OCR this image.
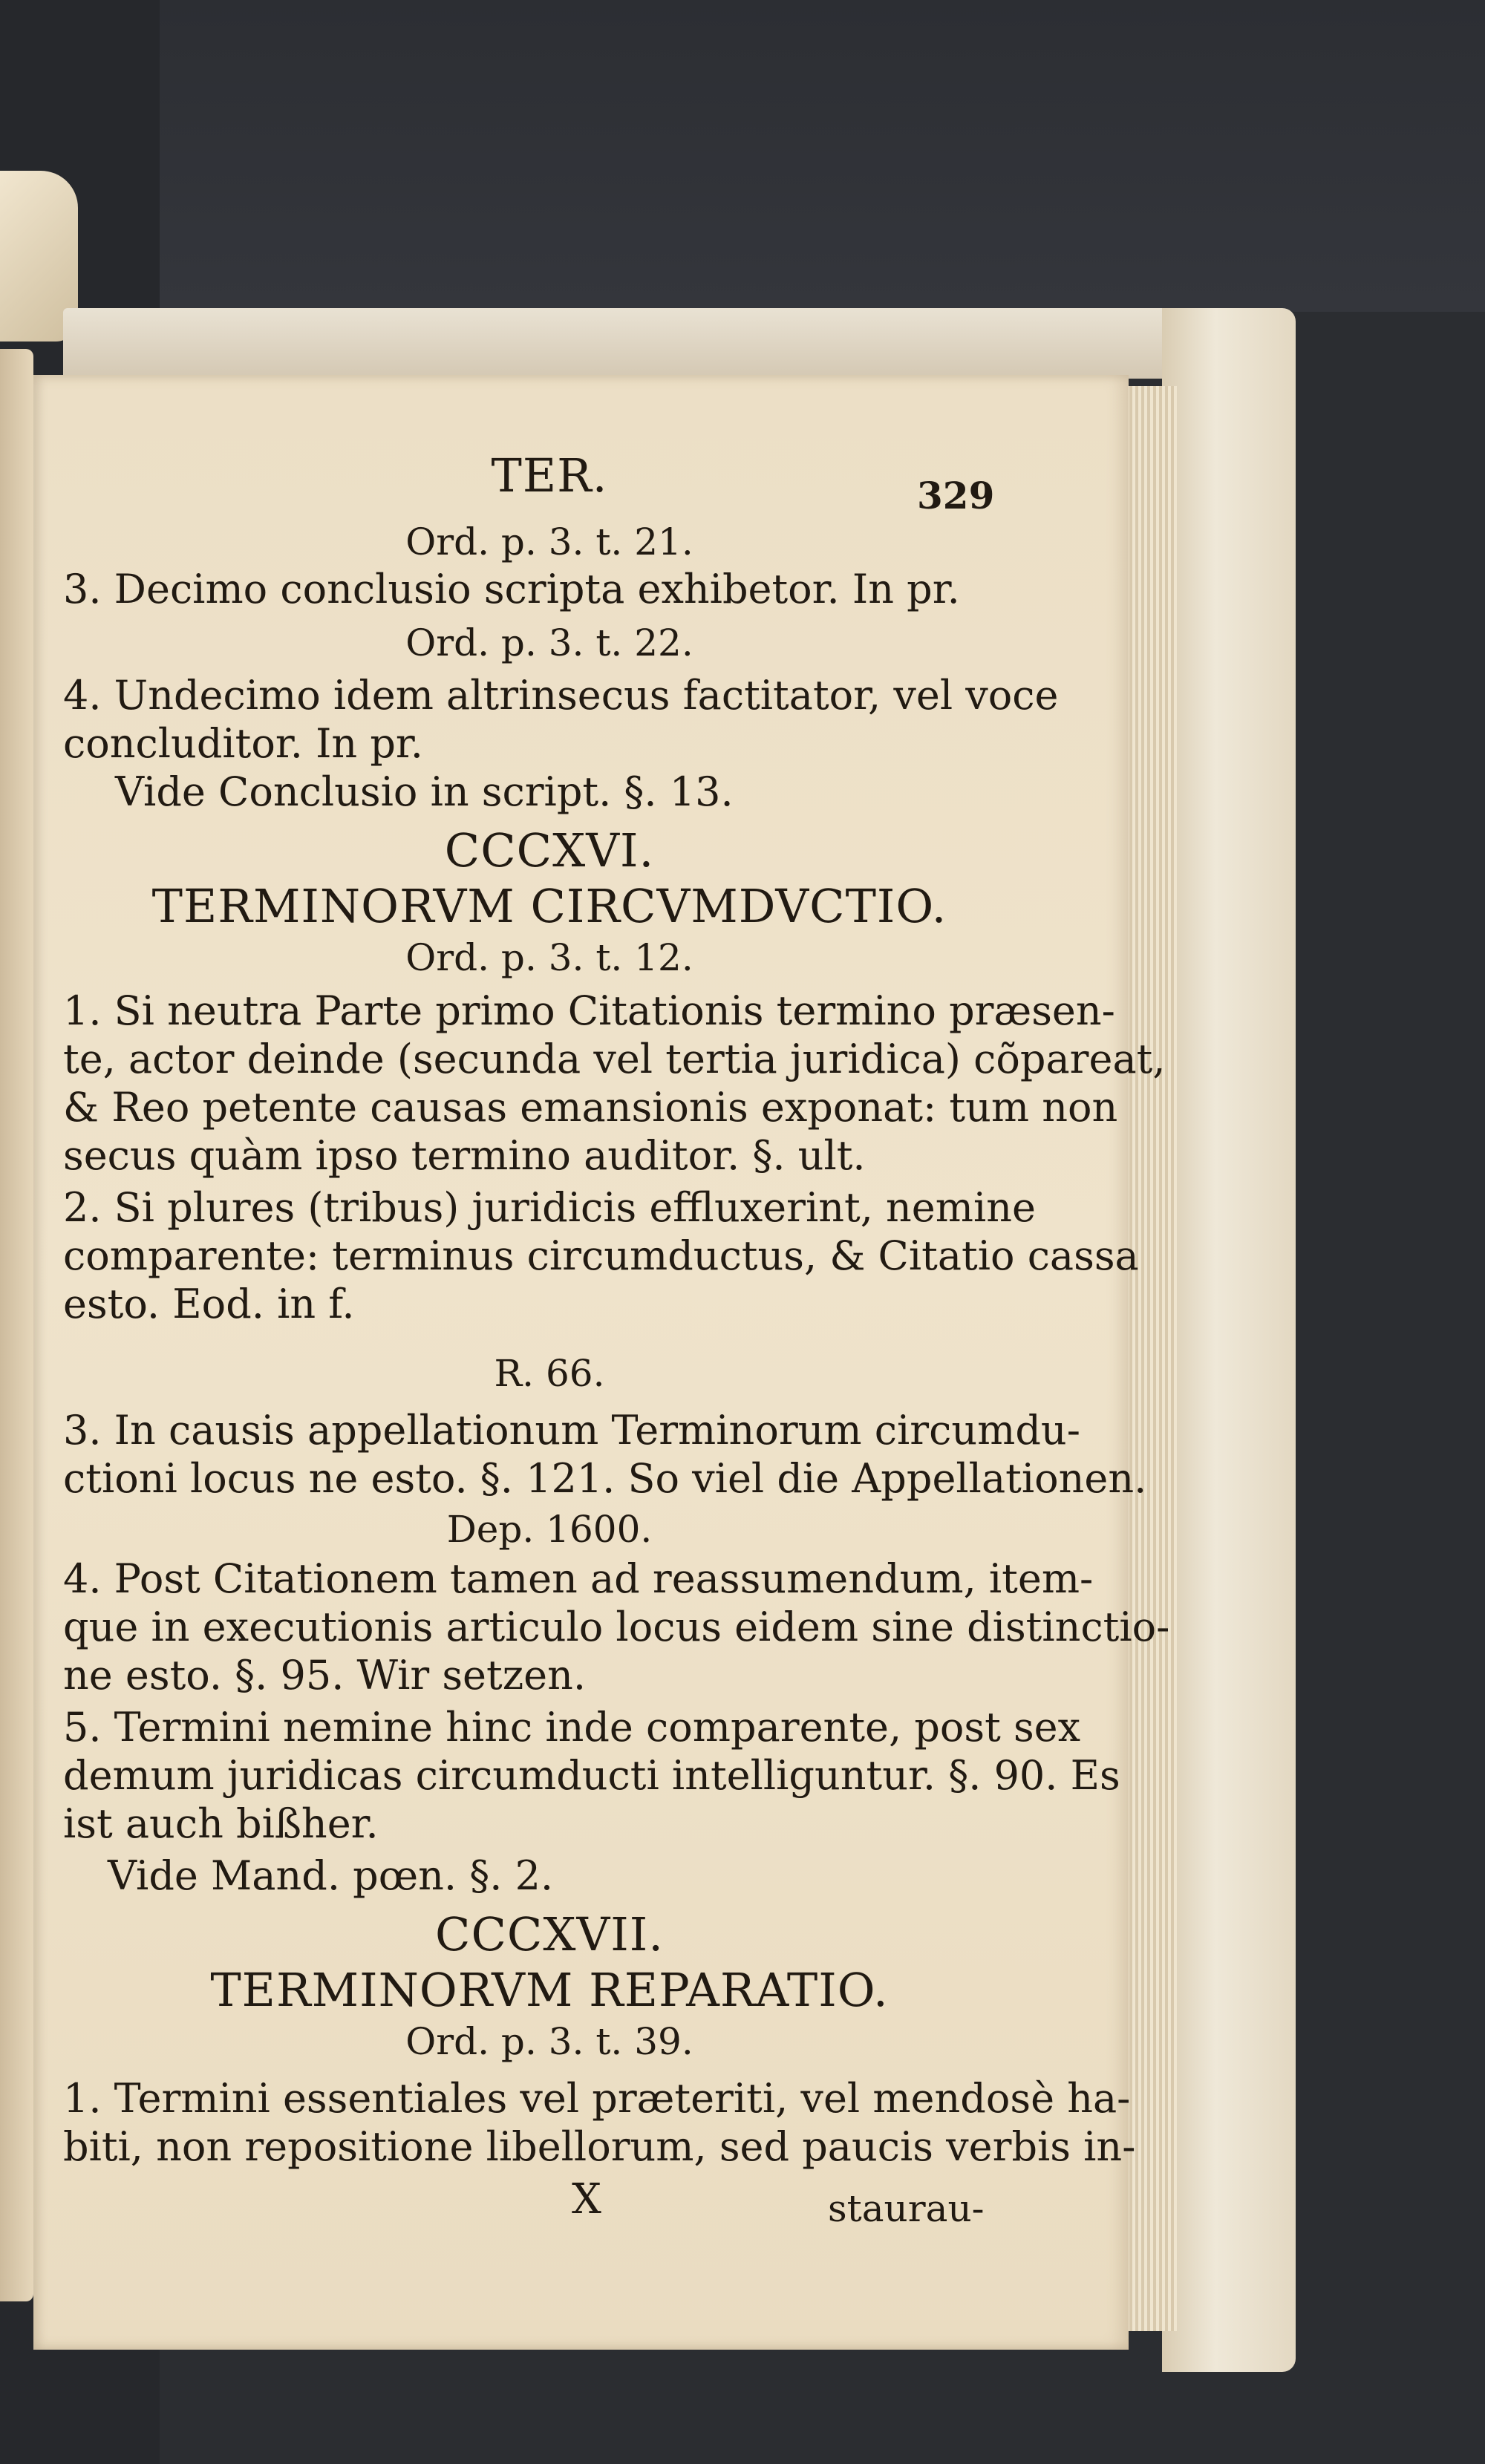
TER.	329
Ord. p. 3. t. 21.
3. Decimo conclusio scripta exhibetor. In pr.
Ord. p. 3. t. 22.
4. Undecimo idem altrinsecus factitator, vel voce
concluditor. In pr.
Vide Conclusio in script. §. 13.
CCCXVI.
TERMINORVM CIRCVMDVCTIO.
Ord. p. 3. t. 12.
1. Si neutra Parte primo Citationis termino præsen-
te, actor deinde (secunda vel tertia juridica) cõpareat,
& Reo petente causas emansionis exponat: tum non
secus quàm ipso termino auditor. §. ult.
2. Si plures (tribus) juridicis effluxerint, nemine
comparente: terminus circumductus, & Citatio cassa
esto. Eod. in f.
R. 66.
3. In causis appellationum Terminorum circumdu-
ctioni locus ne esto. §. 121. So viel die Appellationen.
Dep. 1600.
4. Post Citationem tamen ad reassumendum, item-
que in executionis articulo locus eidem sine distinctio-
ne esto. §. 95. Wir setzen.
5. Termini nemine hinc inde comparente, post sex
demum juridicas circumducti intelliguntur. §. 90. Es
ist auch bißher.
Vide Mand. pœn. §. 2.
CCCXVII.
TERMINORVM REPARATIO.
Ord. p. 3. t. 39.
1. Termini essentiales vel præteriti, vel mendosè ha-
biti, non repositione libellorum, sed paucis verbis in-
X	staurau-
